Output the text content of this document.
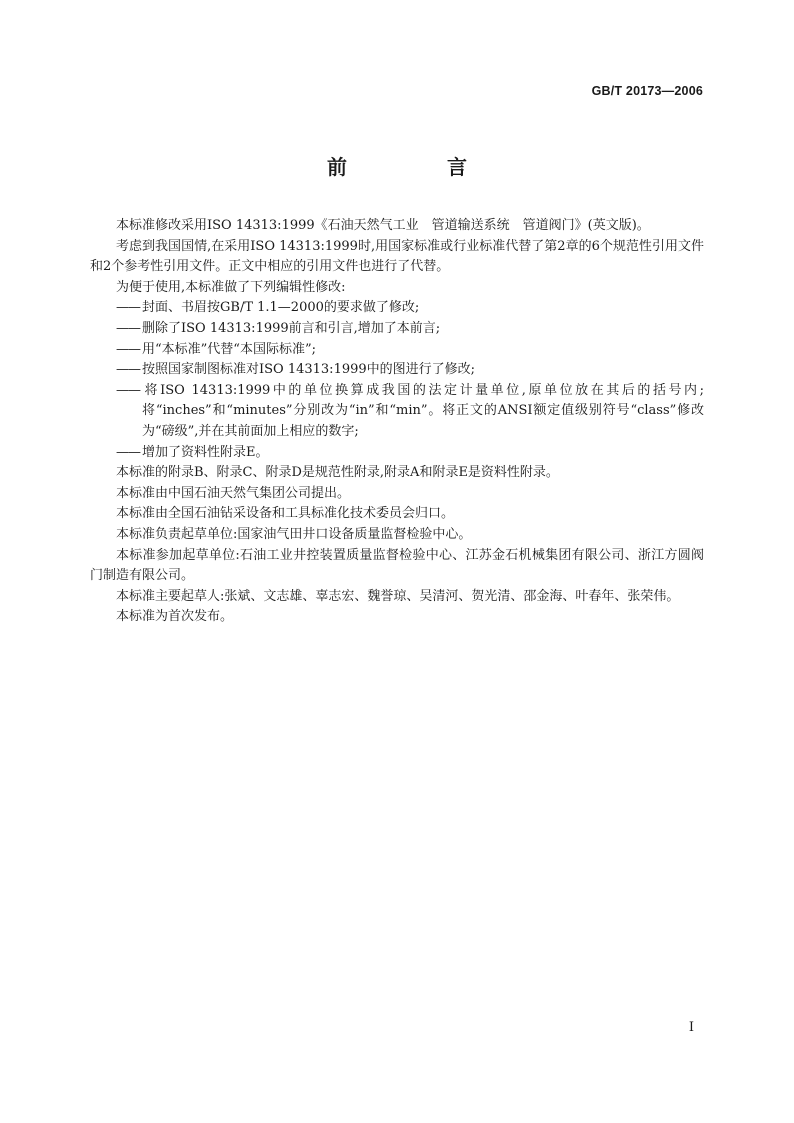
GB/T 20173—2006
前　言

本标准修改采用ISO 14313:1999《石油天然气工业　管道输送系统　管道阀门》(英文版)。

考虑到我国国情,在采用ISO 14313:1999时,用国家标准或行业标准代替了第2章的6个规范性引用文件和2个参考性引用文件。正文中相应的引用文件也进行了代替。

为便于使用,本标准做了下列编辑性修改:

—— 封面、书眉按GB/T 1.1—2000的要求做了修改;

—— 删除了ISO 14313:1999前言和引言,增加了本前言;

—— 用“本标准”代替“本国际标准”;

—— 按照国家制图标准对ISO 14313:1999中的图进行了修改;

—— 将ISO 14313:1999中的单位换算成我国的法定计量单位,原单位放在其后的括号内;将“inches”和“minutes”分别改为“in”和“min”。将正文的ANSI额定值级别符号“class”修改为“磅级”,并在其前面加上相应的数字;

—— 增加了资料性附录E。

本标准的附录B、附录C、附录D是规范性附录,附录A和附录E是资料性附录。

本标准由中国石油天然气集团公司提出。

本标准由全国石油钻采设备和工具标准化技术委员会归口。

本标准负责起草单位:国家油气田井口设备质量监督检验中心。

本标准参加起草单位:石油工业井控装置质量监督检验中心、江苏金石机械集团有限公司、浙江方圆阀门制造有限公司。

本标准主要起草人:张斌、文志雄、辜志宏、魏誉琼、吴清河、贺光清、邵金海、叶春年、张荣伟。

本标准为首次发布。

I
